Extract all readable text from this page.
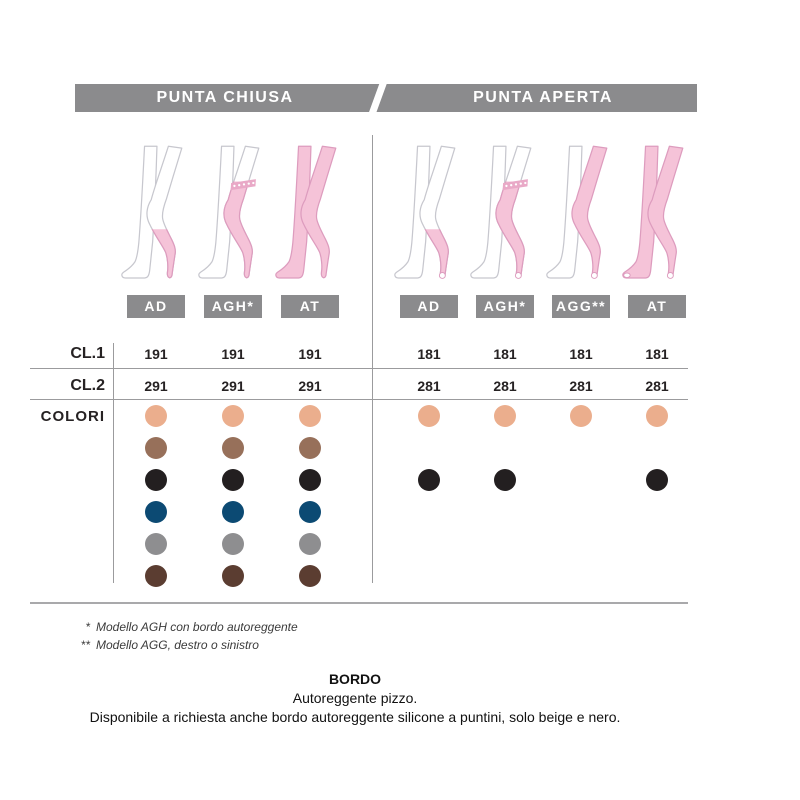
PUNTA CHIUSA	PUNTA APERTA
CL.1
CL.2
COLORI
AD
191
291
AGH*
191
291
AT
191
291
AD
181
281
AGH*
181
281
AGG**
181
281
AT
181
281
* Modello AGH con bordo autoreggente
** Modello AGG, destro o sinistro
BORDO
Autoreggente pizzo.
Disponibile a richiesta anche bordo autoreggente silicone a puntini, solo beige e nero.
